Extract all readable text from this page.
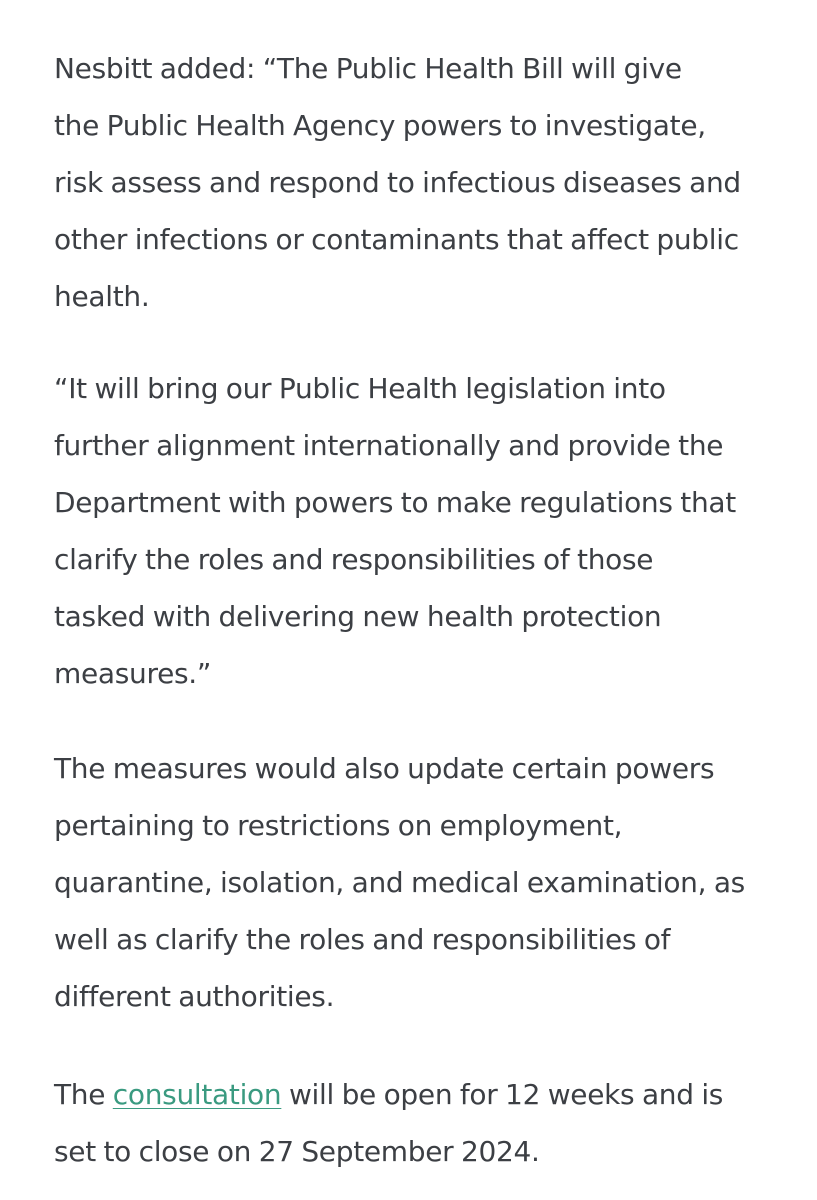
Nesbitt added: “The Public Health Bill will give
the Public Health Agency powers to investigate,
risk assess and respond to infectious diseases and
other infections or contaminants that affect public
health.

“It will bring our Public Health legislation into
further alignment internationally and provide the
Department with powers to make regulations that
clarify the roles and responsibilities of those
tasked with delivering new health protection
measures.”

The measures would also update certain powers
pertaining to restrictions on employment,
quarantine, isolation, and medical examination, as
well as clarify the roles and responsibilities of
different authorities.

The consultation will be open for 12 weeks and is
set to close on 27 September 2024.
